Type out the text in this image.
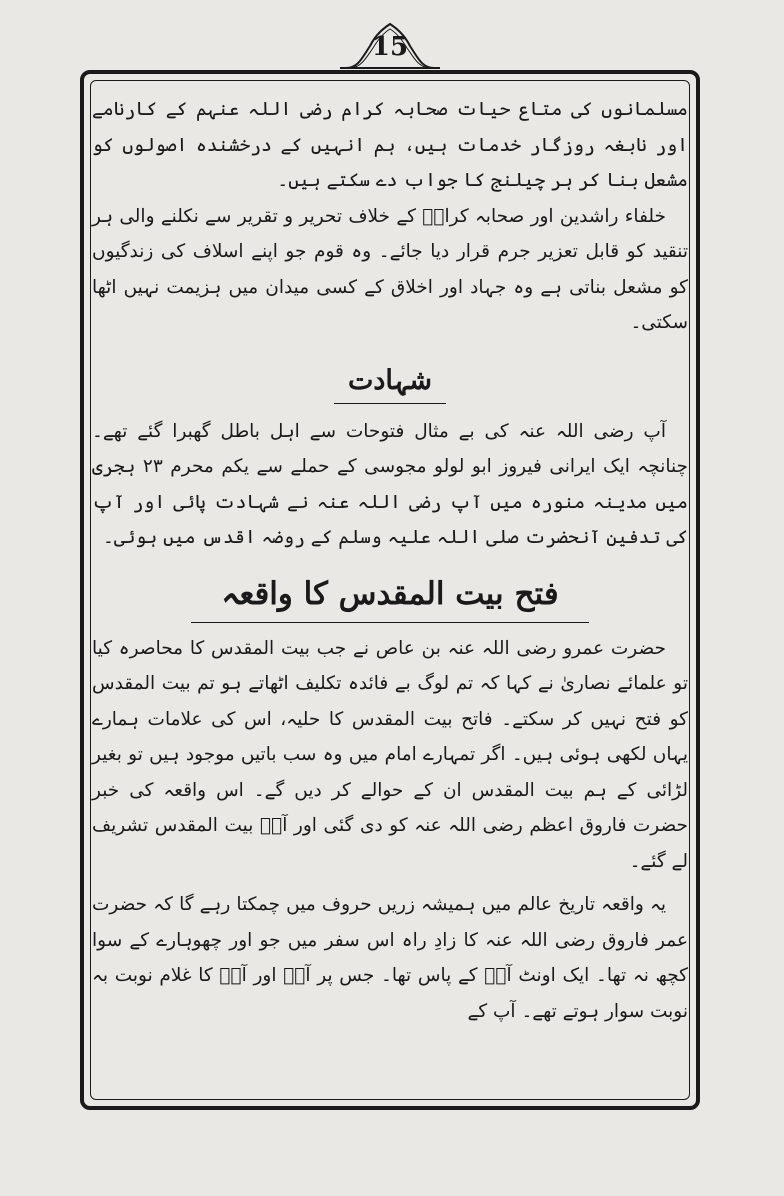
15

مسلمانوں کی متاع حیات صحابہ کرام رضی اللہ عنہم کے کارنامے اور نابغہ روزگار خدمات ہیں، ہم انہیں کے درخشندہ اصولوں کو مشعل بنا کر ہر چیلنج کا جواب دے سکتے ہیں۔

خلفاء راشدین اور صحابہ کرامؓ کے خلاف تحریر و تقریر سے نکلنے والی ہر تنقید کو قابل تعزیر جرم قرار دیا جائے۔ وہ قوم جو اپنے اسلاف کی زندگیوں کو مشعل بناتی ہے وہ جہاد اور اخلاق کے کسی میدان میں ہزیمت نہیں اٹھا سکتی۔

شہادت

آپ رضی اللہ عنہ کی بے مثال فتوحات سے اہل باطل گھبرا گئے تھے۔ چنانچہ ایک ایرانی فیروز ابو لولو مجوسی کے حملے سے یکم محرم ۲۳ ہجری میں مدینہ منورہ میں آپ رضی اللہ عنہ نے شہادت پائی اور آپ کی تدفین آنحضرت صلی اللہ علیہ وسلم کے روضہ اقدس میں ہوئی۔

فتح بیت المقدس کا واقعہ

حضرت عمرو رضی اللہ عنہ بن عاص نے جب بیت المقدس کا محاصرہ کیا تو علمائے نصاریٰ نے کہا کہ تم لوگ بے فائدہ تکلیف اٹھاتے ہو تم بیت المقدس کو فتح نہیں کر سکتے۔ فاتح بیت المقدس کا حلیہ، اس کی علامات ہمارے یہاں لکھی ہوئی ہیں۔ اگر تمہارے امام میں وہ سب باتیں موجود ہیں تو بغیر لڑائی کے ہم بیت المقدس ان کے حوالے کر دیں گے۔ اس واقعہ کی خبر حضرت فاروق اعظم رضی اللہ عنہ کو دی گئی اور آپؓ بیت المقدس تشریف لے گئے۔

یہ واقعہ تاریخ عالم میں ہمیشہ زریں حروف میں چمکتا رہے گا کہ حضرت عمر فاروق رضی اللہ عنہ کا زادِ راہ اس سفر میں جو اور چھوہارے کے سوا کچھ نہ تھا۔ ایک اونٹ آپؓ کے پاس تھا۔ جس پر آپؓ اور آپؓ کا غلام نوبت بہ نوبت سوار ہوتے تھے۔ آپ کے
